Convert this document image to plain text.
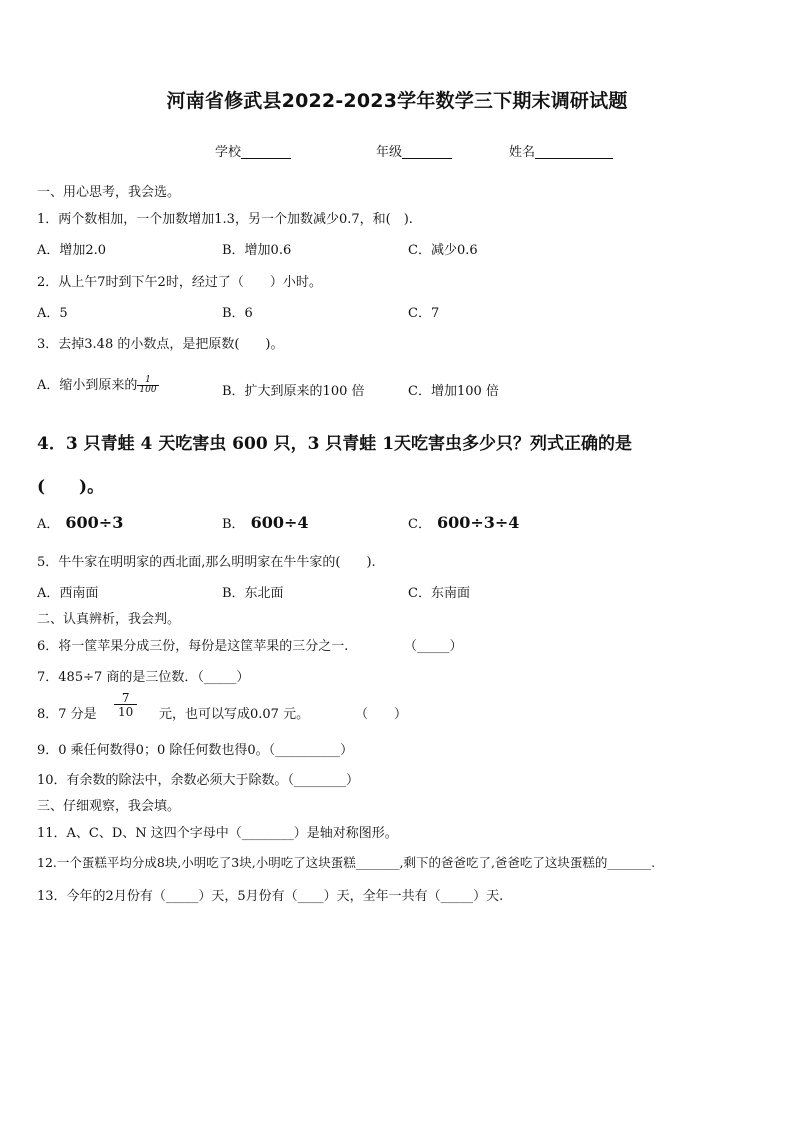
河南省修武县2022-2023学年数学三下期末调研试题
学校	年级	姓名
一、用心思考，我会选。
1．两个数相加，一个加数增加1.3，另一个加数减少0.7，和(　).
A．增加2.0	B．增加0.6	C．减少0.6
2．从上午7时到下午2时，经过了（　　）小时。
A．5	B．6	C．7
3．去掉3.48 的小数点，是把原数(　　)。
A．缩小到原来的 $\frac{1}{100}$	B．扩大到原来的100 倍	C．增加100 倍
4．3 只青蛙 4 天吃害虫 600 只，3 只青蛙 1天吃害虫多少只？列式正确的是
(　　)。
A． 600÷3	B． 600÷4	C． 600÷3÷4
5．牛牛家在明明家的西北面,那么明明家在牛牛家的(　　).
A．西南面	B．东北面	C．东南面
二、认真辨析，我会判。
6．将一筐苹果分成三份，每份是这筐苹果的三分之一.	（_____）
7．485÷7 商的是三位数．（_____）
8．7 分是 $\frac{7}{10}$ 元，也可以写成0.07 元。	（　　）
9．0 乘任何数得0；0 除任何数也得0。（__________）
10．有余数的除法中，余数必须大于除数。（________）
三、仔细观察，我会填。
11．A、C、D、N 这四个字母中（________）是轴对称图形。
12.一个蛋糕平均分成8块,小明吃了3块,小明吃了这块蛋糕_______,剩下的爸爸吃了,爸爸吃了这块蛋糕的_______.
13．今年的2月份有（_____）天，5月份有（____）天，全年一共有（_____）天.
